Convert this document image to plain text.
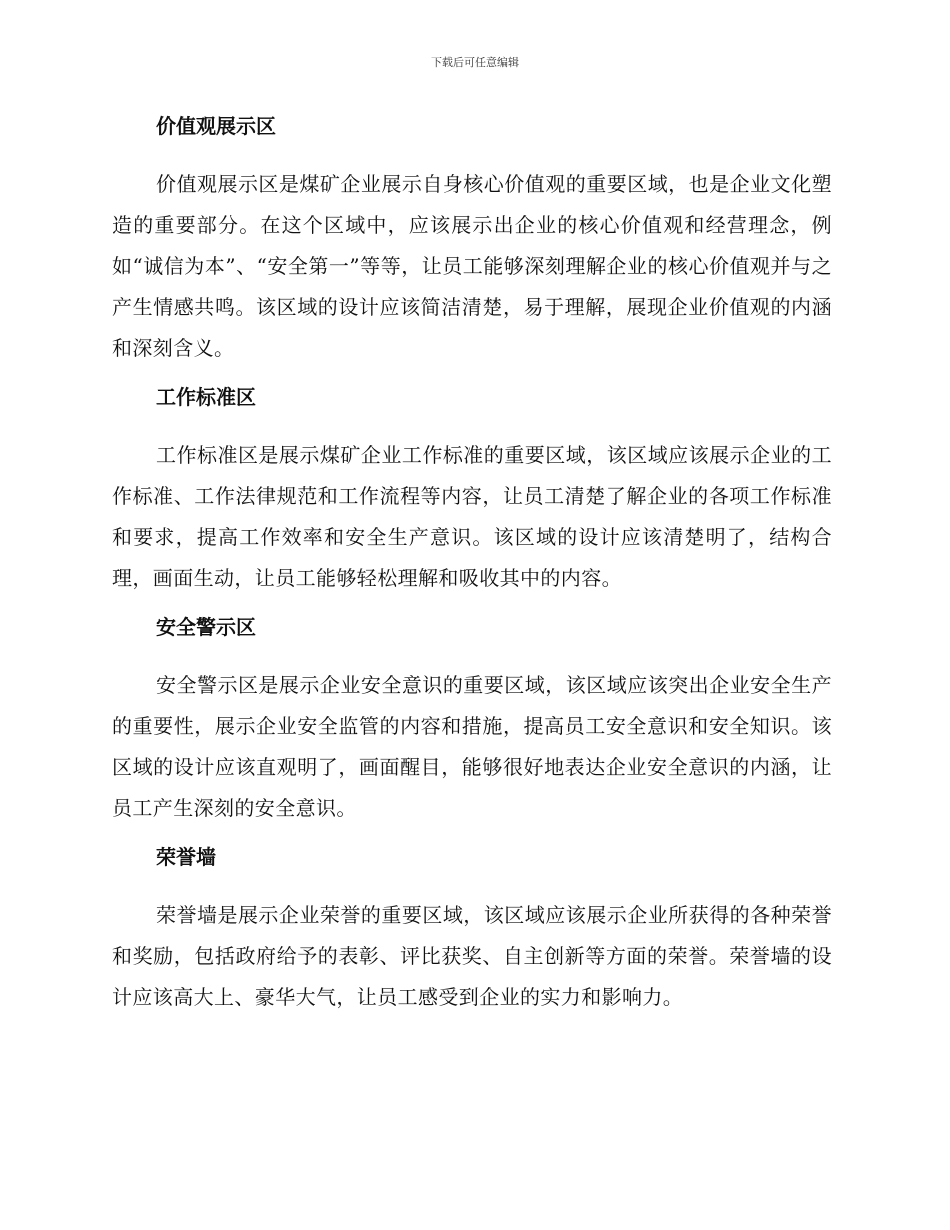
下载后可任意编辑
价值观展示区

价值观展示区是煤矿企业展示自身核心价值观的重要区域，也是企业文化塑造的重要部分。在这个区域中，应该展示出企业的核心价值观和经营理念，例如“诚信为本”、“安全第一”等等，让员工能够深刻理解企业的核心价值观并与之产生情感共鸣。该区域的设计应该简洁清楚，易于理解，展现企业价值观的内涵和深刻含义。

工作标准区

工作标准区是展示煤矿企业工作标准的重要区域，该区域应该展示企业的工作标准、工作法律规范和工作流程等内容，让员工清楚了解企业的各项工作标准和要求，提高工作效率和安全生产意识。该区域的设计应该清楚明了，结构合理，画面生动，让员工能够轻松理解和吸收其中的内容。

安全警示区

安全警示区是展示企业安全意识的重要区域，该区域应该突出企业安全生产的重要性，展示企业安全监管的内容和措施，提高员工安全意识和安全知识。该区域的设计应该直观明了，画面醒目，能够很好地表达企业安全意识的内涵，让员工产生深刻的安全意识。

荣誉墙

荣誉墙是展示企业荣誉的重要区域，该区域应该展示企业所获得的各种荣誉和奖励，包括政府给予的表彰、评比获奖、自主创新等方面的荣誉。荣誉墙的设计应该高大上、豪华大气，让员工感受到企业的实力和影响力。
